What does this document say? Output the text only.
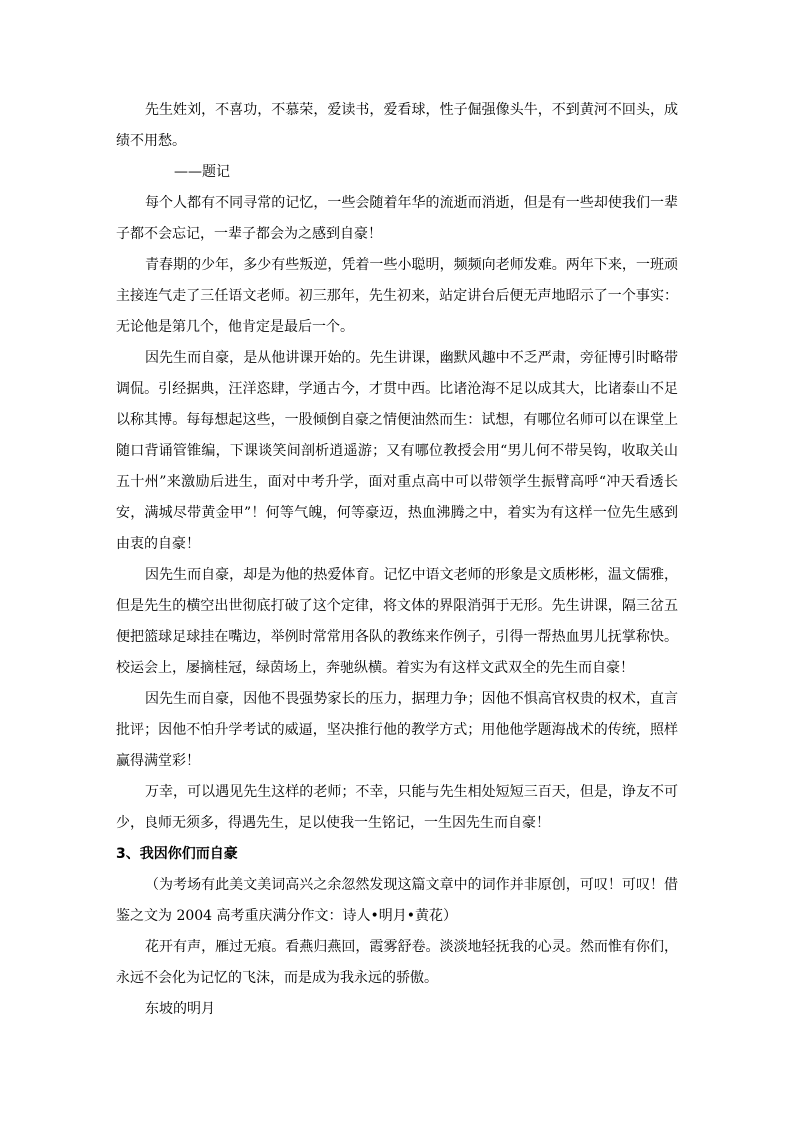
先生姓刘，不喜功，不慕荣，爱读书，爱看球，性子倔强像头牛，不到黄河不回头，成绩不用愁。

——题记

每个人都有不同寻常的记忆，一些会随着年华的流逝而消逝，但是有一些却使我们一辈子都不会忘记，一辈子都会为之感到自豪！

青春期的少年，多少有些叛逆，凭着一些小聪明，频频向老师发难。两年下来，一班顽主接连气走了三任语文老师。初三那年，先生初来，站定讲台后便无声地昭示了一个事实：无论他是第几个，他肯定是最后一个。

因先生而自豪，是从他讲课开始的。先生讲课，幽默风趣中不乏严肃，旁征博引时略带调侃。引经据典，汪洋恣肆，学通古今，才贯中西。比诸沧海不足以成其大，比诸泰山不足以称其博。每每想起这些，一股倾倒自豪之情便油然而生：试想，有哪位名师可以在课堂上随口背诵管锥编，下课谈笑间剖析逍遥游；又有哪位教授会用“男儿何不带吴钩，收取关山五十州”来激励后进生，面对中考升学，面对重点高中可以带领学生振臂高呼“冲天看透长安，满城尽带黄金甲”！何等气魄，何等豪迈，热血沸腾之中，着实为有这样一位先生感到由衷的自豪！

因先生而自豪，却是为他的热爱体育。记忆中语文老师的形象是文质彬彬，温文儒雅，但是先生的横空出世彻底打破了这个定律，将文体的界限消弭于无形。先生讲课，隔三岔五便把篮球足球挂在嘴边，举例时常常用各队的教练来作例子，引得一帮热血男儿抚掌称快。校运会上，屡摘桂冠，绿茵场上，奔驰纵横。着实为有这样文武双全的先生而自豪！

因先生而自豪，因他不畏强势家长的压力，据理力争；因他不惧高官权贵的权术，直言批评；因他不怕升学考试的威逼，坚决推行他的教学方式；用他他学题海战术的传统，照样赢得满堂彩！

万幸，可以遇见先生这样的老师；不幸，只能与先生相处短短三百天，但是，诤友不可少，良师无须多，得遇先生，足以使我一生铭记，一生因先生而自豪！

3、我因你们而自豪

（为考场有此美文美词高兴之余忽然发现这篇文章中的词作并非原创，可叹！可叹！借鉴之文为 2004 高考重庆满分作文：诗人•明月•黄花）

花开有声，雁过无痕。看燕归燕回，霞雾舒卷。淡淡地轻抚我的心灵。然而惟有你们，永远不会化为记忆的飞沫，而是成为我永远的骄傲。

东坡的明月
